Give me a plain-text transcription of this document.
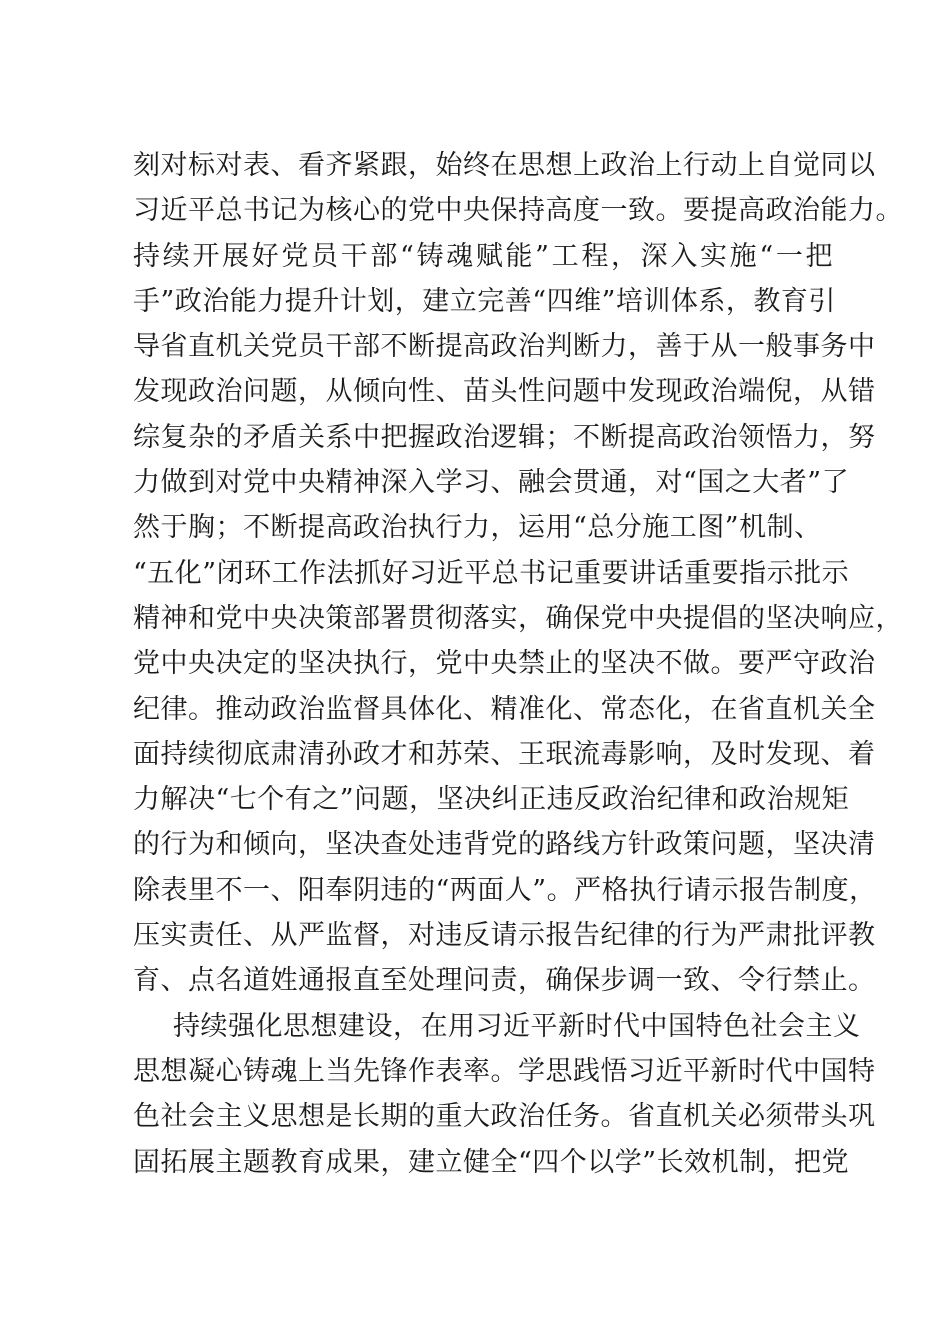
刻对标对表、看齐紧跟，始终在思想上政治上行动上自觉同以
习近平总书记为核心的党中央保持高度一致。要提高政治能力。
持续开展好党员干部“铸魂赋能”工程，深入实施“一把
手”政治能力提升计划，建立完善“四维”培训体系，教育引
导省直机关党员干部不断提高政治判断力，善于从一般事务中
发现政治问题，从倾向性、苗头性问题中发现政治端倪，从错
综复杂的矛盾关系中把握政治逻辑；不断提高政治领悟力，努
力做到对党中央精神深入学习、融会贯通，对“国之大者”了
然于胸；不断提高政治执行力，运用“总分施工图”机制、
“五化”闭环工作法抓好习近平总书记重要讲话重要指示批示
精神和党中央决策部署贯彻落实，确保党中央提倡的坚决响应，
党中央决定的坚决执行，党中央禁止的坚决不做。要严守政治
纪律。推动政治监督具体化、精准化、常态化，在省直机关全
面持续彻底肃清孙政才和苏荣、王珉流毒影响，及时发现、着
力解决“七个有之”问题，坚决纠正违反政治纪律和政治规矩
的行为和倾向，坚决查处违背党的路线方针政策问题，坚决清
除表里不一、阳奉阴违的“两面人”。严格执行请示报告制度，
压实责任、从严监督，对违反请示报告纪律的行为严肃批评教
育、点名道姓通报直至处理问责，确保步调一致、令行禁止。
持续强化思想建设，在用习近平新时代中国特色社会主义
思想凝心铸魂上当先锋作表率。学思践悟习近平新时代中国特
色社会主义思想是长期的重大政治任务。省直机关必须带头巩
固拓展主题教育成果，建立健全“四个以学”长效机制，把党
